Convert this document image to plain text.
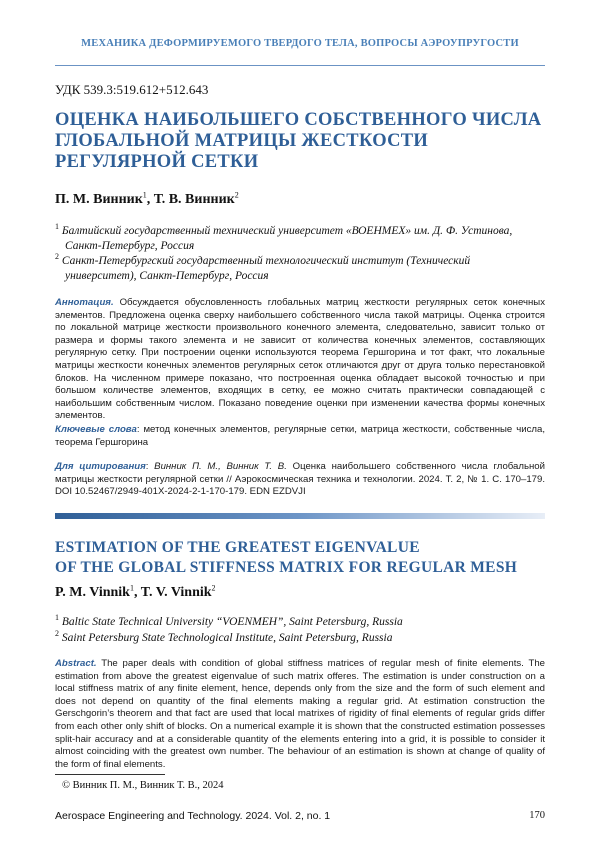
МЕХАНИКА ДЕФОРМИРУЕМОГО ТВЕРДОГО ТЕЛА, ВОПРОСЫ АЭРОУПРУГОСТИ
УДК 539.3:519.612+512.643
ОЦЕНКА НАИБОЛЬШЕГО СОБСТВЕННОГО ЧИСЛА
ГЛОБАЛЬНОЙ МАТРИЦЫ ЖЕСТКОСТИ
РЕГУЛЯРНОЙ СЕТКИ
П. М. Винник$^1$, Т. В. Винник$^2$
$^1$ Балтийский государственный технический университет «ВОЕНМЕХ» им. Д. Ф. Устинова,
Санкт-Петербург, Россия
$^2$ Санкт-Петербургский государственный технологический институт (Технический
университет), Санкт-Петербург, Россия
Аннотация. Обсуждается обусловленность глобальных матриц жесткости регулярных сеток конечных элементов. Предложена оценка сверху наибольшего собственного числа такой матрицы. Оценка строится по локальной матрице жесткости произвольного конечного элемента, следовательно, зависит только от размера и формы такого элемента и не зависит от количества конечных элементов, составляющих регулярную сетку. При построении оценки используются теорема Гершгорина и тот факт, что локальные матрицы жесткости конечных элементов регулярных сеток отличаются друг от друга только перестановкой блоков. На численном примере показано, что построенная оценка обладает высокой точностью и при большом количестве элементов, входящих в сетку, ее можно считать практически совпадающей с наибольшим собственным числом. Показано поведение оценки при изменении качества формы конечных элементов.
Ключевые слова: метод конечных элементов, регулярные сетки, матрица жесткости, собственные числа, теорема Гершгорина
Для цитирования: Винник П. М., Винник Т. В. Оценка наибольшего собственного числа глобальной матрицы жесткости регулярной сетки // Аэрокосмическая техника и технологии. 2024. Т. 2, № 1. С. 170–179. DOI 10.52467/2949-401X-2024-2-1-170-179. EDN EZDVJI
ESTIMATION OF THE GREATEST EIGENVALUE
OF THE GLOBAL STIFFNESS MATRIX FOR REGULAR MESH
P. M. Vinnik$^1$, T. V. Vinnik$^2$
$^1$ Baltic State Technical University “VOENMEH”, Saint Petersburg, Russia
$^2$ Saint Petersburg State Technological Institute, Saint Petersburg, Russia
Abstract. The paper deals with condition of global stiffness matrices of regular mesh of finite elements. The estimation from above the greatest eigenvalue of such matrix offeres. The estimation is under construction on a local stiffness matrix of any finite element, hence, depends only from the size and the form of such element and does not depend on quantity of the final elements making a regular grid. At estimation construction the Gerschgorin’s theorem and that fact are used that local matrixes of rigidity of final elements of regular grids differ from each other only shift of blocks. On a numerical example it is shown that the constructed estimation possesses split-hair accuracy and at a considerable quantity of the elements entering into a grid, it is possible to consider it almost coinciding with the greatest own number. The behaviour of an estimation is shown at change of quality of the form of final elements.
© Винник П. М., Винник Т. В., 2024
Aerospace Engineering and Technology. 2024. Vol. 2, no. 1	170
